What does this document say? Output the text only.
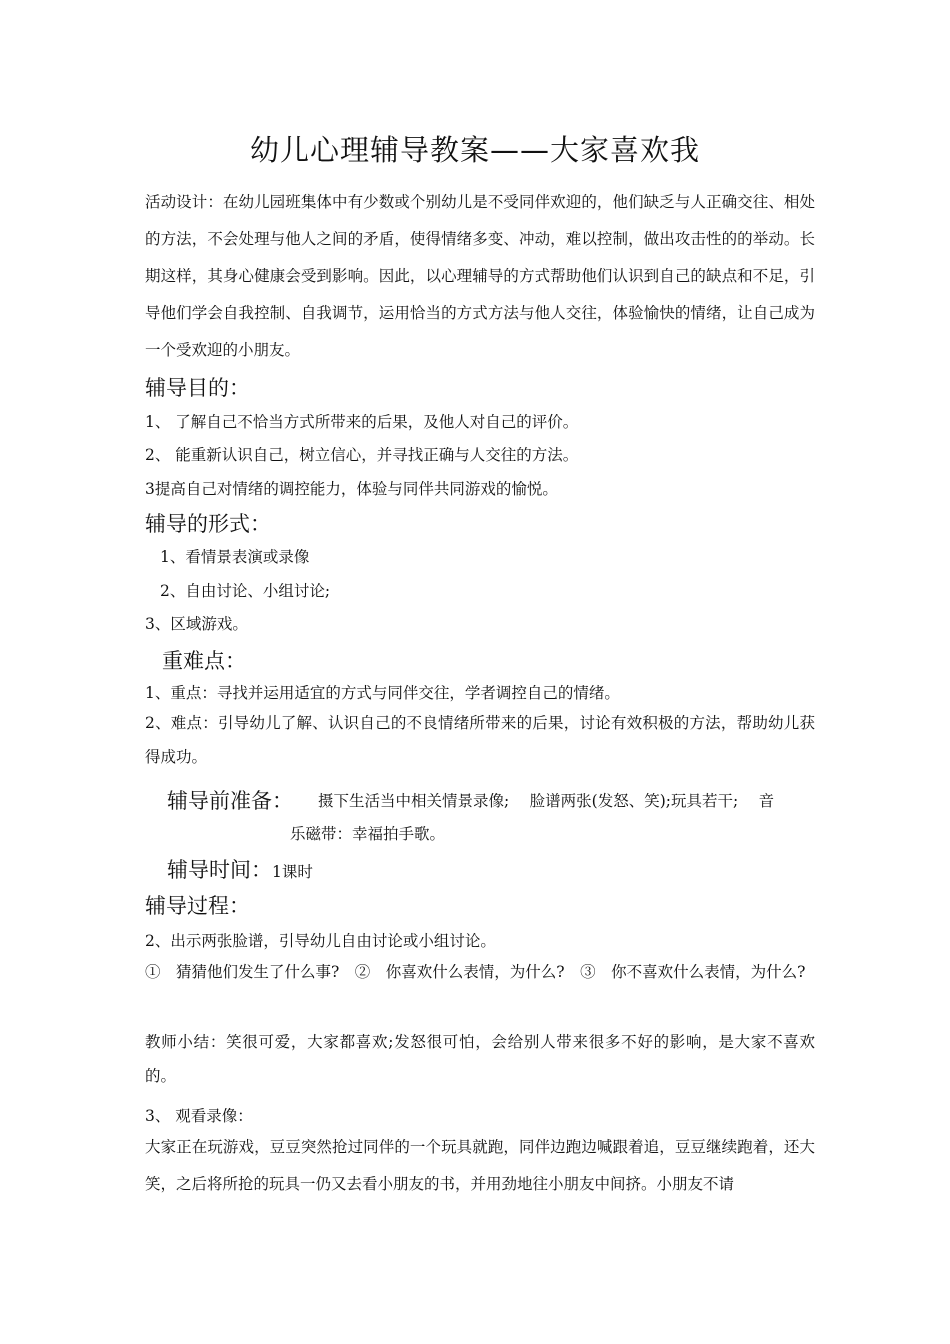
幼儿心理辅导教案——大家喜欢我
活动设计：在幼儿园班集体中有少数或个别幼儿是不受同伴欢迎的，他们缺乏与人正确交往、相处的方法，不会处理与他人之间的矛盾，使得情绪多变、冲动，难以控制，做出攻击性的的举动。长期这样，其身心健康会受到影响。因此，以心理辅导的方式帮助他们认识到自己的缺点和不足，引导他们学会自我控制、自我调节，运用恰当的方式方法与他人交往，体验愉快的情绪，让自己成为一个受欢迎的小朋友。
辅导目的：
1、 了解自己不恰当方式所带来的后果，及他人对自己的评价。
2、 能重新认识自己，树立信心，并寻找正确与人交往的方法。
3提高自己对情绪的调控能力，体验与同伴共同游戏的愉悦。
辅导的形式：
1、看情景表演或录像
2、自由讨论、小组讨论;
3、区域游戏。
重难点：
1、重点：寻找并运用适宜的方式与同伴交往，学者调控自己的情绪。
2、难点：引导幼儿了解、认识自己的不良情绪所带来的后果，讨论有效积极的方法，帮助幼儿获得成功。
辅导前准备： 摄下生活当中相关情景录像;　 脸谱两张(发怒、笑);玩具若干;　 音
乐磁带：幸福拍手歌。
辅导时间：1课时
辅导过程：
2、出示两张脸谱，引导幼儿自由讨论或小组讨论。
①　猜猜他们发生了什么事?　②　你喜欢什么表情，为什么?　③　你不喜欢什么表情，为什么?
教师小结：笑很可爱，大家都喜欢;发怒很可怕，会给别人带来很多不好的影响，是大家不喜欢的。
3、 观看录像：
大家正在玩游戏，豆豆突然抢过同伴的一个玩具就跑，同伴边跑边喊跟着追，豆豆继续跑着，还大笑，之后将所抢的玩具一仍又去看小朋友的书，并用劲地往小朋友中间挤。小朋友不请
